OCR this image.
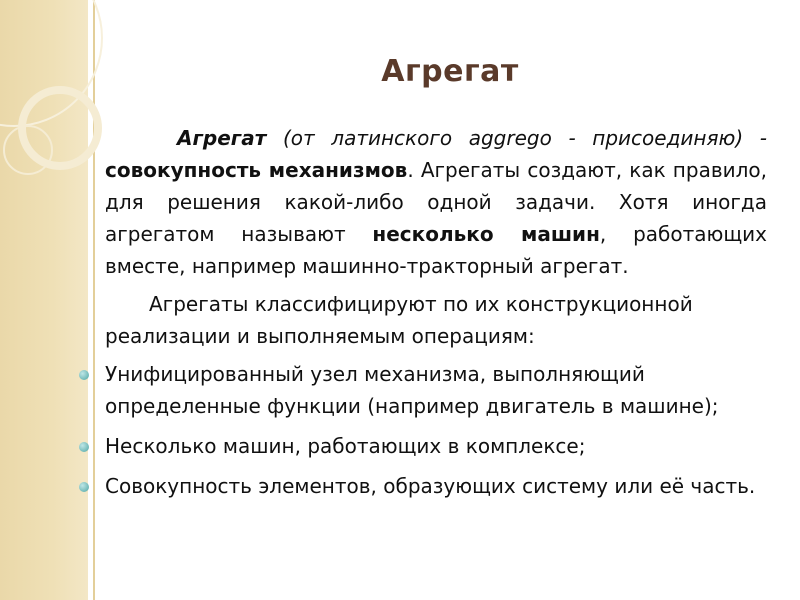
Агрегат

Агрегат (от латинского aggrego - присоединяю) - совокупность механизмов. Агрегаты создают, как правило, для решения какой-либо одной задачи. Хотя иногда агрегатом называют несколько машин, работающих вместе, например машинно-тракторный агрегат.

Агрегаты классифицируют по их конструкционной реализации и выполняемым операциям:

Унифицированный узел механизма, выполняющий определенные функции (например двигатель в машине);
Несколько машин, работающих в комплексе;
Совокупность элементов, образующих систему или её часть.
